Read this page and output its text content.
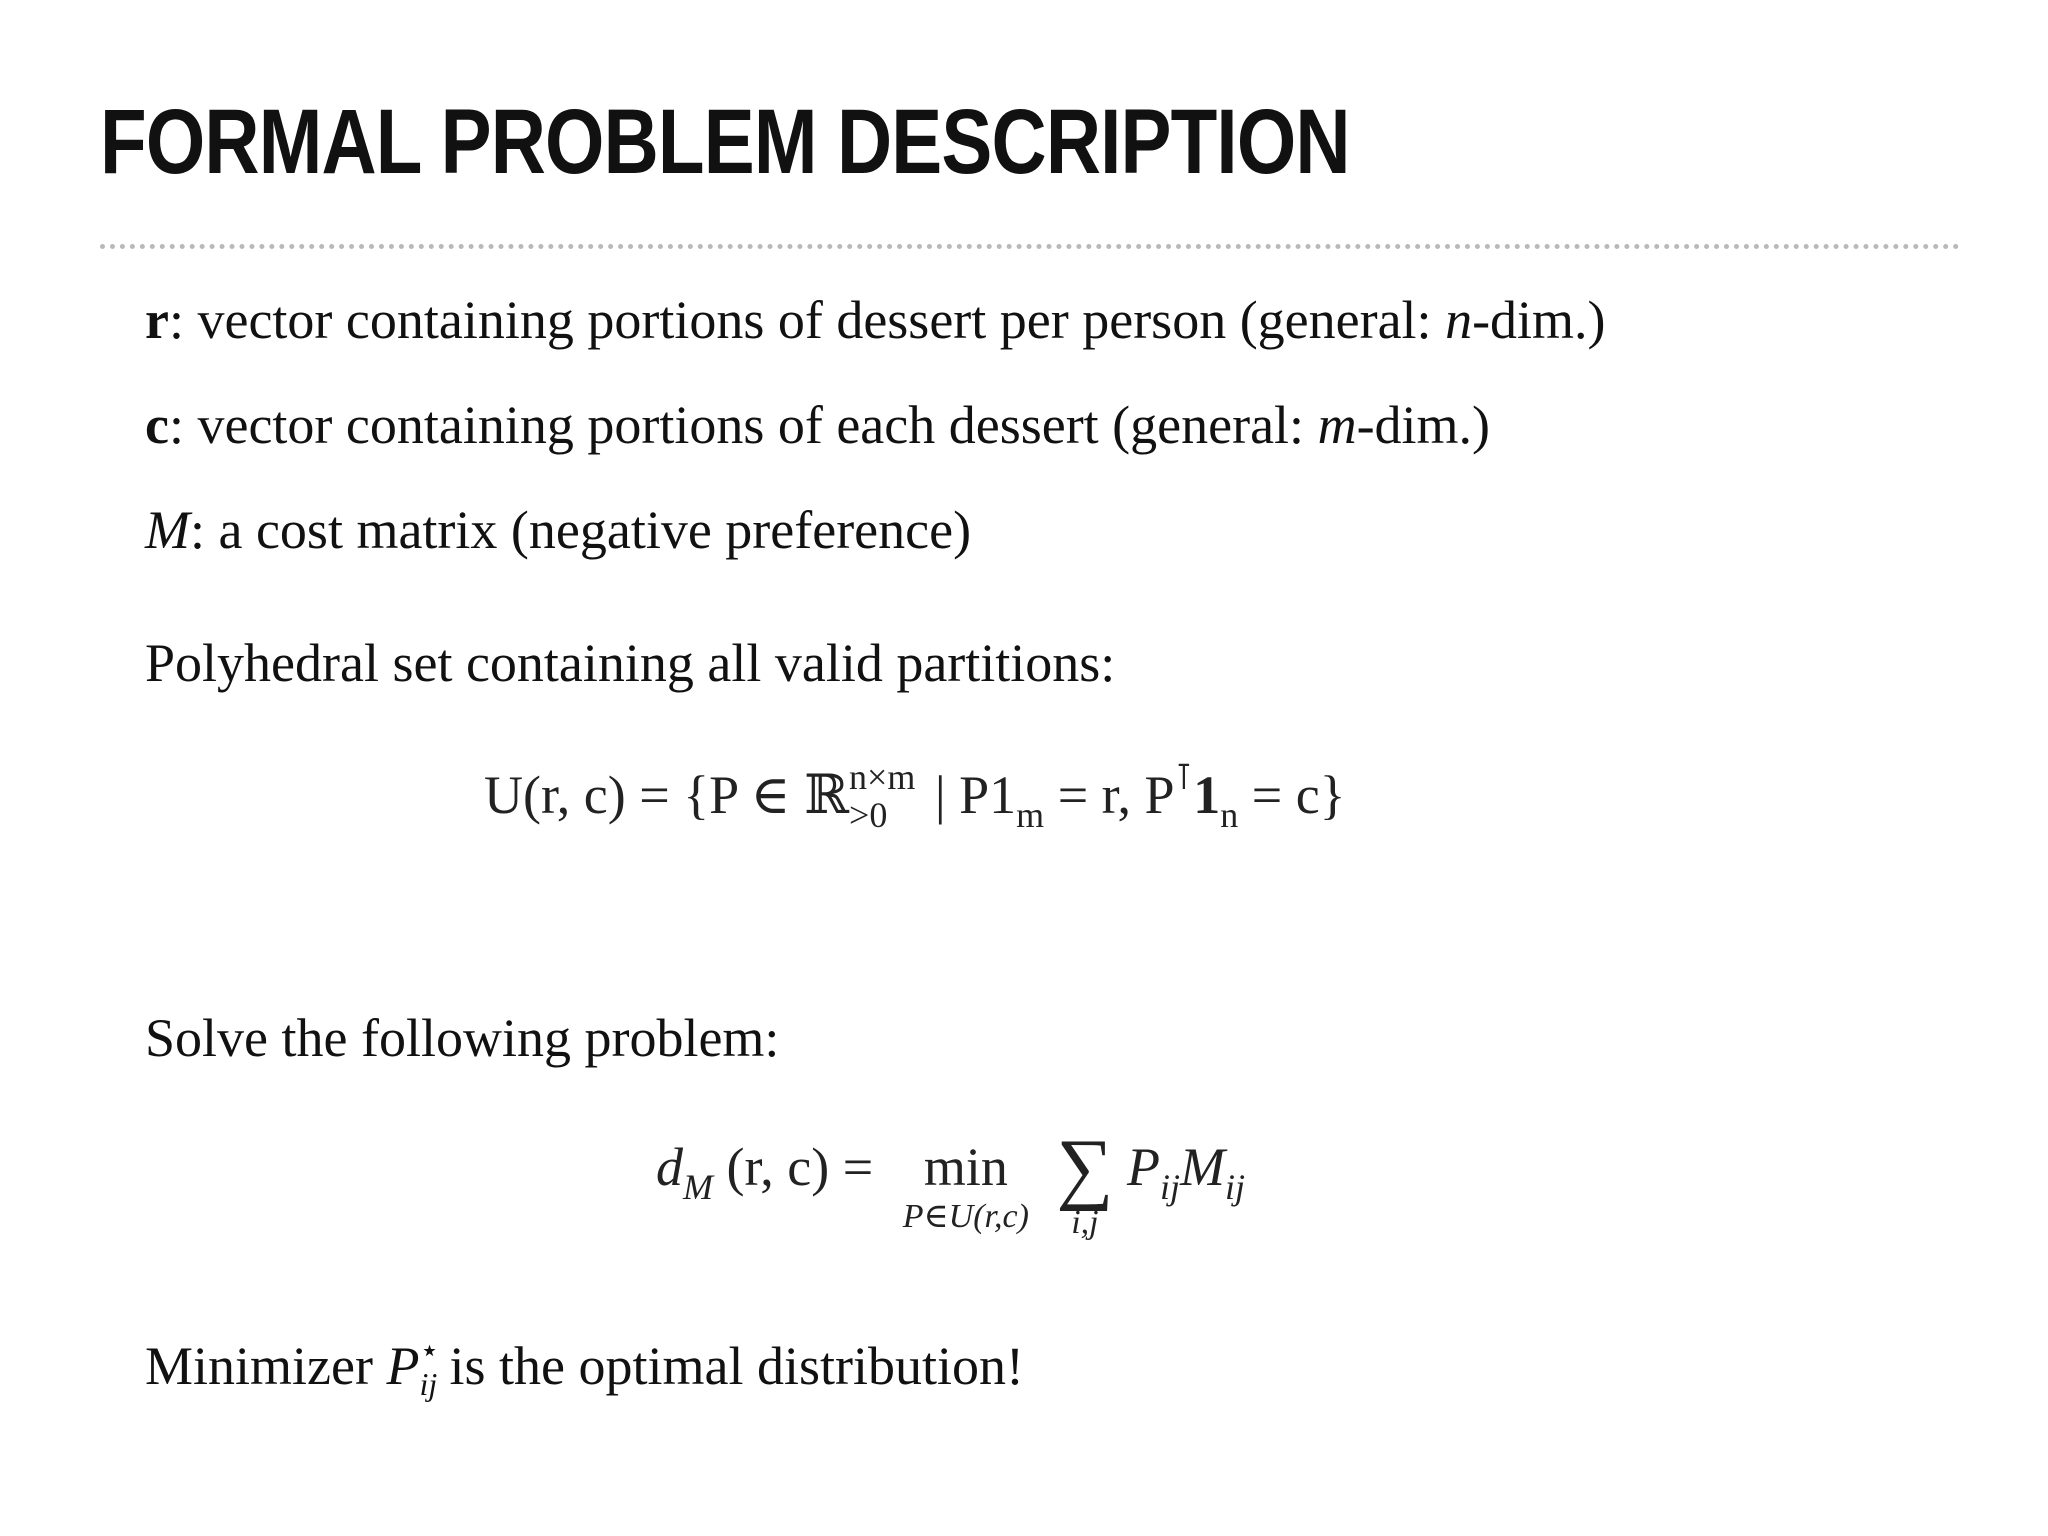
FORMAL PROBLEM DESCRIPTION
r: vector containing portions of dessert per person (general: n-dim.)
c: vector containing portions of each dessert (general: m-dim.)
M: a cost matrix (negative preference)
Polyhedral set containing all valid partitions:
U(r, c) = {P ∈ ℝ n×m
>0 | $P1_m = r$, $P^⊺1_n = c$}
Solve the following problem:
$d_M$ (r, c) = min
P∈U(r,c)

∑
i,j
$P_{ij}M_{ij}$
Minimizer P ⋆
ij is the optimal distribution!
